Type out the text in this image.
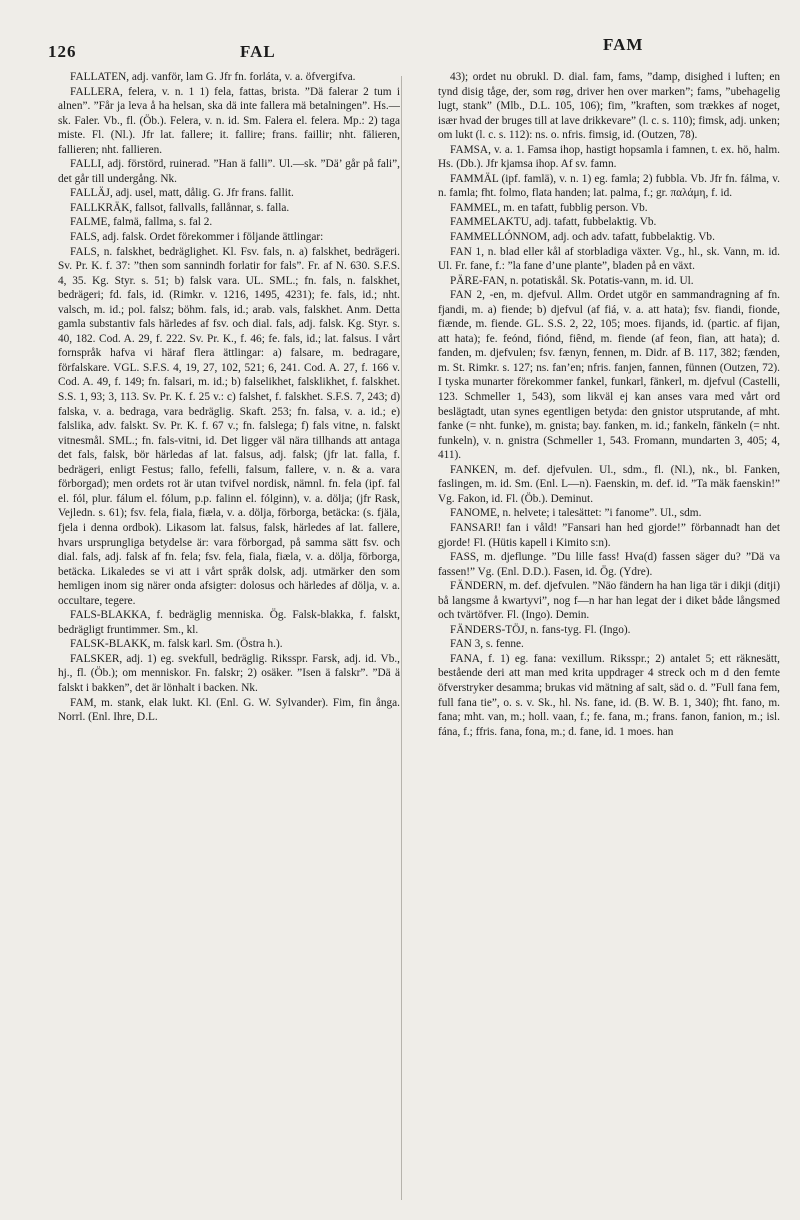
126	FAL	FAM

FALLATEN, adj. vanför, lam G. Jfr fn. forláta, v. a. öfvergifva.

FALLERA, felera, v. n. 1 1) fela, fattas, brista. ”Dä falerar 2 tum i alnen”. ”Får ja leva å ha helsan, ska dä inte fallera mä betalningen”. Hs.—sk. Faler. Vb., fl. (Öb.). Felera, v. n. id. Sm. Falera el. felera. Mp.: 2) taga miste. Fl. (Nl.). Jfr lat. fallere; it. fallire; frans. faillir; nht. fälieren, fallieren; nht. fallieren.

FALLI, adj. förstörd, ruinerad. ”Han ä falli”. Ul.—sk. ”Dä’ går på fali”, det går till undergång. Nk.

FALLÄJ, adj. usel, matt, dålig. G. Jfr frans. fallit.

FALLKRÄK, fallsot, fallvalls, fallånnar, s. falla.

FALME, falmä, fallma, s. fal 2.

FALS, adj. falsk. Ordet förekommer i följande ättlingar:

FALS, n. falskhet, bedräglighet. Kl. Fsv. fals, n. a) falskhet, bedrägeri. Sv. Pr. K. f. 37: ”then som sannindh forlatir for fals”. Fr. af N. 630. S.F.S. 4, 35. Kg. Styr. s. 51; b) falsk vara. UL. SML.; fn. fals, n. falskhet, bedrägeri; fd. fals, id. (Rimkr. v. 1216, 1495, 4231); fe. fals, id.; nht. valsch, m. id.; pol. falsz; böhm. fals, id.; arab. vals, falskhet. Anm. Detta gamla substantiv fals härledes af fsv. och dial. fals, adj. falsk. Kg. Styr. s. 40, 182. Cod. A. 29, f. 222. Sv. Pr. K., f. 46; fe. fals, id.; lat. falsus. I vårt fornspråk hafva vi häraf flera ättlingar: a) falsare, m. bedragare, förfalskare. VGL. S.F.S. 4, 19, 27, 102, 521; 6, 241. Cod. A. 27, f. 166 v. Cod. A. 49, f. 149; fn. falsari, m. id.; b) falselikhet, falsklikhet, f. falskhet. S.S. 1, 93; 3, 113. Sv. Pr. K. f. 25 v.: c) falshet, f. falskhet. S.F.S. 7, 243; d) falska, v. a. bedraga, vara bedräglig. Skaft. 253; fn. falsa, v. a. id.; e) falslika, adv. falskt. Sv. Pr. K. f. 67 v.; fn. falslega; f) fals vitne, n. falskt vitnesmål. SML.; fn. fals-vitni, id. Det ligger väl nära tillhands att antaga det fals, falsk, bör härledas af lat. falsus, adj. falsk; (jfr lat. falla, f. bedrägeri, enligt Festus; fallo, fefelli, falsum, fallere, v. n. & a. vara förborgad); men ordets rot är utan tvifvel nordisk, nämnl. fn. fela (ipf. fal el. fól, plur. fálum el. fólum, p.p. falinn el. fólginn), v. a. dölja; (jfr Rask, Vejledn. s. 61); fsv. fela, fiala, fiæla, v. a. dölja, förborga, betäcka: (s. fjäla, fjela i denna ordbok). Likasom lat. falsus, falsk, härledes af lat. fallere, hvars ursprungliga betydelse är: vara förborgad, på samma sätt fsv. och dial. fals, adj. falsk af fn. fela; fsv. fela, fiala, fiæla, v. a. dölja, förborga, betäcka. Likaledes se vi att i vårt språk dolsk, adj. utmärker den som hemligen inom sig närer ondа afsigter: dolosus och härledes af dölja, v. a. occultare, tegere.

FALS-BLAKKA, f. bedräglig menniska. Ög. Falsk-blakka, f. falskt, bedrägligt fruntimmer. Sm., kl.

FALSK-BLAKK, m. falsk karl. Sm. (Östra h.).

FALSKER, adj. 1) eg. svekfull, bedräglig. Riksspr. Farsk, adj. id. Vb., hj., fl. (Öb.); om menniskor. Fn. falskr; 2) osäker. ”Isen ä falskr”. ”Dä ä falskt i bakken”, det är lönhalt i backen. Nk.

FAM, m. stank, elak lukt. Kl. (Enl. G. W. Sylvander). Fim, fin ånga. Norrl. (Enl. Ihre, D.L.

43); ordet nu obrukl. D. dial. fam, fams, ”damp, disighed i luften; en tynd disig tåge, der, som røg, driver hen over marken”; fams, ”ubehagelig lugt, stank” (Mlb., D.L. 105, 106); fim, ”kraften, som trækkes af noget, især hvad der bruges till at lave drikkevare” (l. c. s. 110); fimsk, adj. unken; om lukt (l. c. s. 112): ns. o. nfris. fimsig, id. (Outzen, 78).

FAMSA, v. a. 1. Famsa ihop, hastigt hopsamla i famnen, t. ex. hö, halm. Hs. (Db.). Jfr kjamsa ihop. Af sv. famn.

FAMMÄL (ipf. famlä), v. n. 1) eg. famla; 2) fubbla. Vb. Jfr fn. fálma, v. n. famla; fht. folmo, flata handen; lat. palma, f.; gr. παλάμη, f. id.

FAMMEL, m. en tafatt, fubblig person. Vb.

FAMMELAKTU, adj. tafatt, fubbelaktig. Vb.

FAMMELLÓNNOM, adj. och adv. tafatt, fubbelaktig. Vb.

FAN 1, n. blad eller kål af storbladiga växter. Vg., hl., sk. Vann, m. id. Ul. Fr. fane, f.: ”la fane d’une plante”, bladen på en växt.

PÄRE-FAN, n. potatiskål. Sk. Potatis-vann, m. id. Ul.

FAN 2, -en, m. djefvul. Allm. Ordet utgör en sammandragning af fn. fjandi, m. a) fiende; b) djefvul (af fiá, v. a. att hata); fsv. fiandi, fionde, fiænde, m. fiende. GL. S.S. 2, 22, 105; moes. fijands, id. (partic. af fijan, att hata); fe. feónd, fiónd, fiênd, m. fiende (af feon, fian, att hata); d. fanden, m. djefvulen; fsv. fænyn, fennen, m. Didr. af B. 117, 382; fænden, m. St. Rimkr. s. 127; ns. fan’en; nfris. fanjen, fannen, fünnen (Outzen, 72). I tyska munarter förekommer fankel, funkarl, fänkerl, m. djefvul (Castelli, 123. Schmeller 1, 543), som likväl ej kan anses vara med vårt ord beslägtadt, utan synes egentligen betyda: den gnistor utsprutande, af mht. fanke (= nht. funke), m. gnista; bay. fanken, m. id.; fankeln, fänkeln (= nht. funkeln), v. n. gnistra (Schmeller 1, 543. Fromann, mundarten 3, 405; 4, 411).

FANKEN, m. def. djefvulen. Ul., sdm., fl. (Nl.), nk., bl. Fanken, faslingen, m. id. Sm. (Enl. L—n). Faenskin, m. def. id. ”Ta mäk faenskin!” Vg. Fakon, id. Fl. (Öb.). Deminut.

FANOME, n. helvete; i talesättet: ”i fanome”. Ul., sdm.

FANSARI! fan i våld! ”Fansari han hed gjorde!” förbannadt han det gjorde! Fl. (Hütis kapell i Kimito s:n).

FASS, m. djeflunge. ”Du lille fass! Hva(d) fassen säger du? ”Dä va fassen!” Vg. (Enl. D.D.). Fasen, id. Ög. (Ydre).

FÄNDERN, m. def. djefvulen. ”Näo fändern ha han liga tär i dikji (ditji) bå langsme å kwartyvi”, nog f—n har han legat der i diket både långsmed och tvärtöfver. Fl. (Ingo). Demin.

FÄNDERS-TÖJ, n. fans-tyg. Fl. (Ingo).

FAN 3, s. fenne.

FANA, f. 1) eg. fana: vexillum. Rikssрr.; 2) antalet 5; ett räknesätt, bestående deri att man med krita uppdrager 4 streck och m d den femte öfverstryker desamma; brukas vid mätning af salt, säd o. d. ”Full fana fem, full fana tie”, o. s. v. Sk., hl. Ns. fane, id. (B. W. B. 1, 340); fht. fano, m. fana; mht. van, m.; holl. vaan, f.; fe. fana, m.; frans. fanon, fanion, m.; isl. fána, f.; ffris. fana, fona, m.; d. fane, id. 1 moes. han
